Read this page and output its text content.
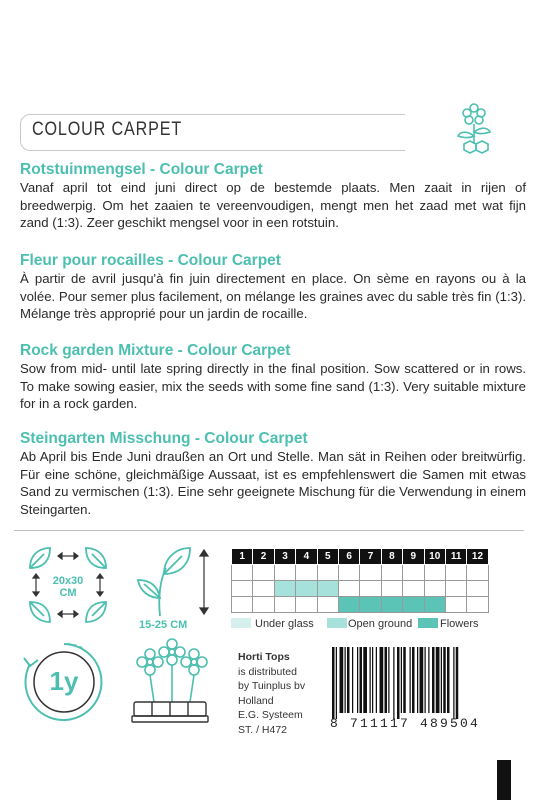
COLOUR CARPET
Rotstuinmengsel - Colour Carpet

Vanaf april tot eind juni direct op de bestemde plaats. Men zaait in rijen of breedwerpig. Om het zaaien te vereenvoudigen, mengt men het zaad met wat fijn zand (1:3). Zeer geschikt mengsel voor in een rotstuin.

Fleur pour rocailles - Colour Carpet

À partir de avril jusqu'à fin juin directement en place. On sème en rayons ou à la volée. Pour semer plus facilement, on mélange les graines avec du sable très fin (1:3). Mélange très approprié pour un jardin de rocaille.

Rock garden Mixture - Colour Carpet

Sow from mid- until late spring directly in the final position. Sow scattered or in rows. To make sowing easier, mix the seeds with some fine sand (1:3). Very suitable mixture for in a rock garden.

Steingarten Misschung - Colour Carpet

Ab April bis Ende Juni draußen an Ort und Stelle. Man sät in Reihen oder breitwürfig. Für eine schöne, gleichmäßige Aussaat, ist es empfehlenswert die Samen mit etwas Sand zu vermischen (1:3). Eine sehr geeignete Mischung für die Verwendung in einem Steingarten.

20x30
CM
15-25 CM
1	2	3	4	5	6	7	8	9	10	11	12

Under glass	Open ground	Flowers
1y
Horti Tops
is distributed
by Tuinplus bv
Holland
E.G. Systeem
ST. / H472	8 711117 489504
